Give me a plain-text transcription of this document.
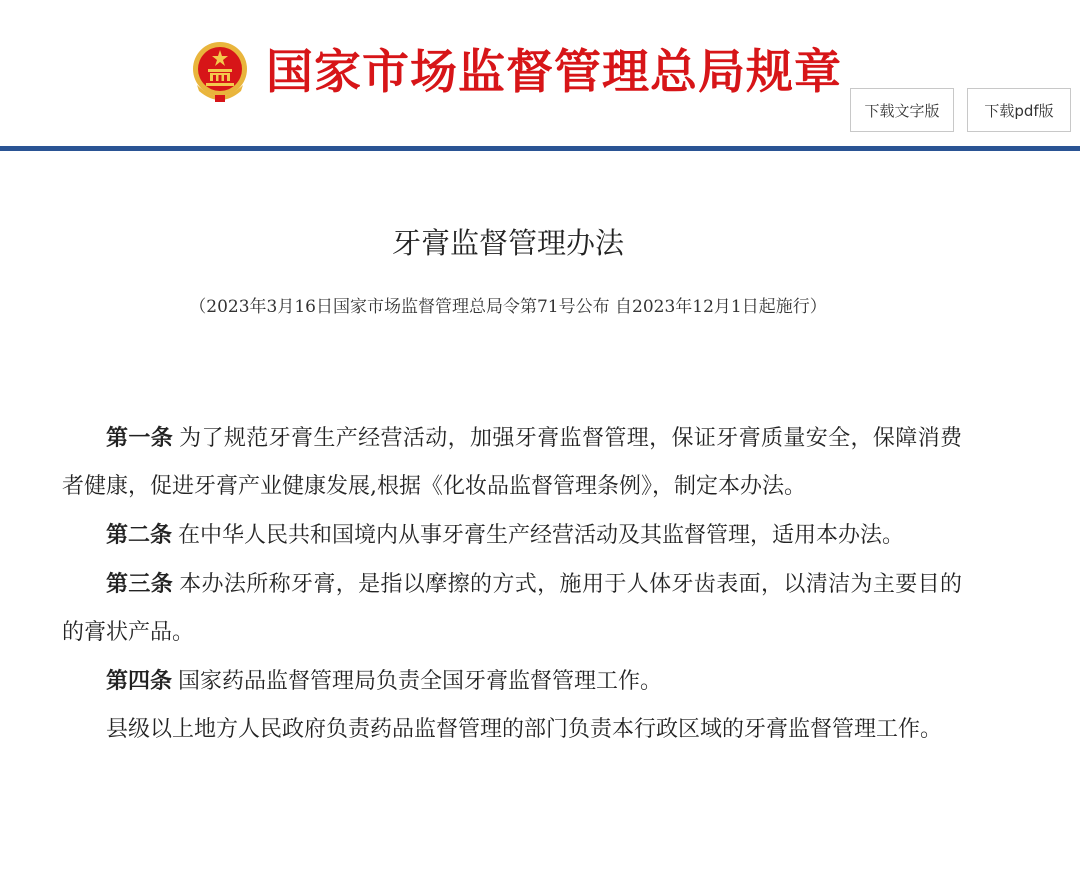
国家市场监督管理总局规章
下载文字版	下载pdf版
牙膏监督管理办法
（2023年3月16日国家市场监督管理总局令第71号公布 自2023年12月1日起施行）

第一条 为了规范牙膏生产经营活动，加强牙膏监督管理，保证牙膏质量安全，保障消费者健康，促进牙膏产业健康发展,根据《化妆品监督管理条例》，制定本办法。

第二条 在中华人民共和国境内从事牙膏生产经营活动及其监督管理，适用本办法。

第三条 本办法所称牙膏，是指以摩擦的方式，施用于人体牙齿表面，以清洁为主要目的的膏状产品。

第四条 国家药品监督管理局负责全国牙膏监督管理工作。

县级以上地方人民政府负责药品监督管理的部门负责本行政区域的牙膏监督管理工作。
